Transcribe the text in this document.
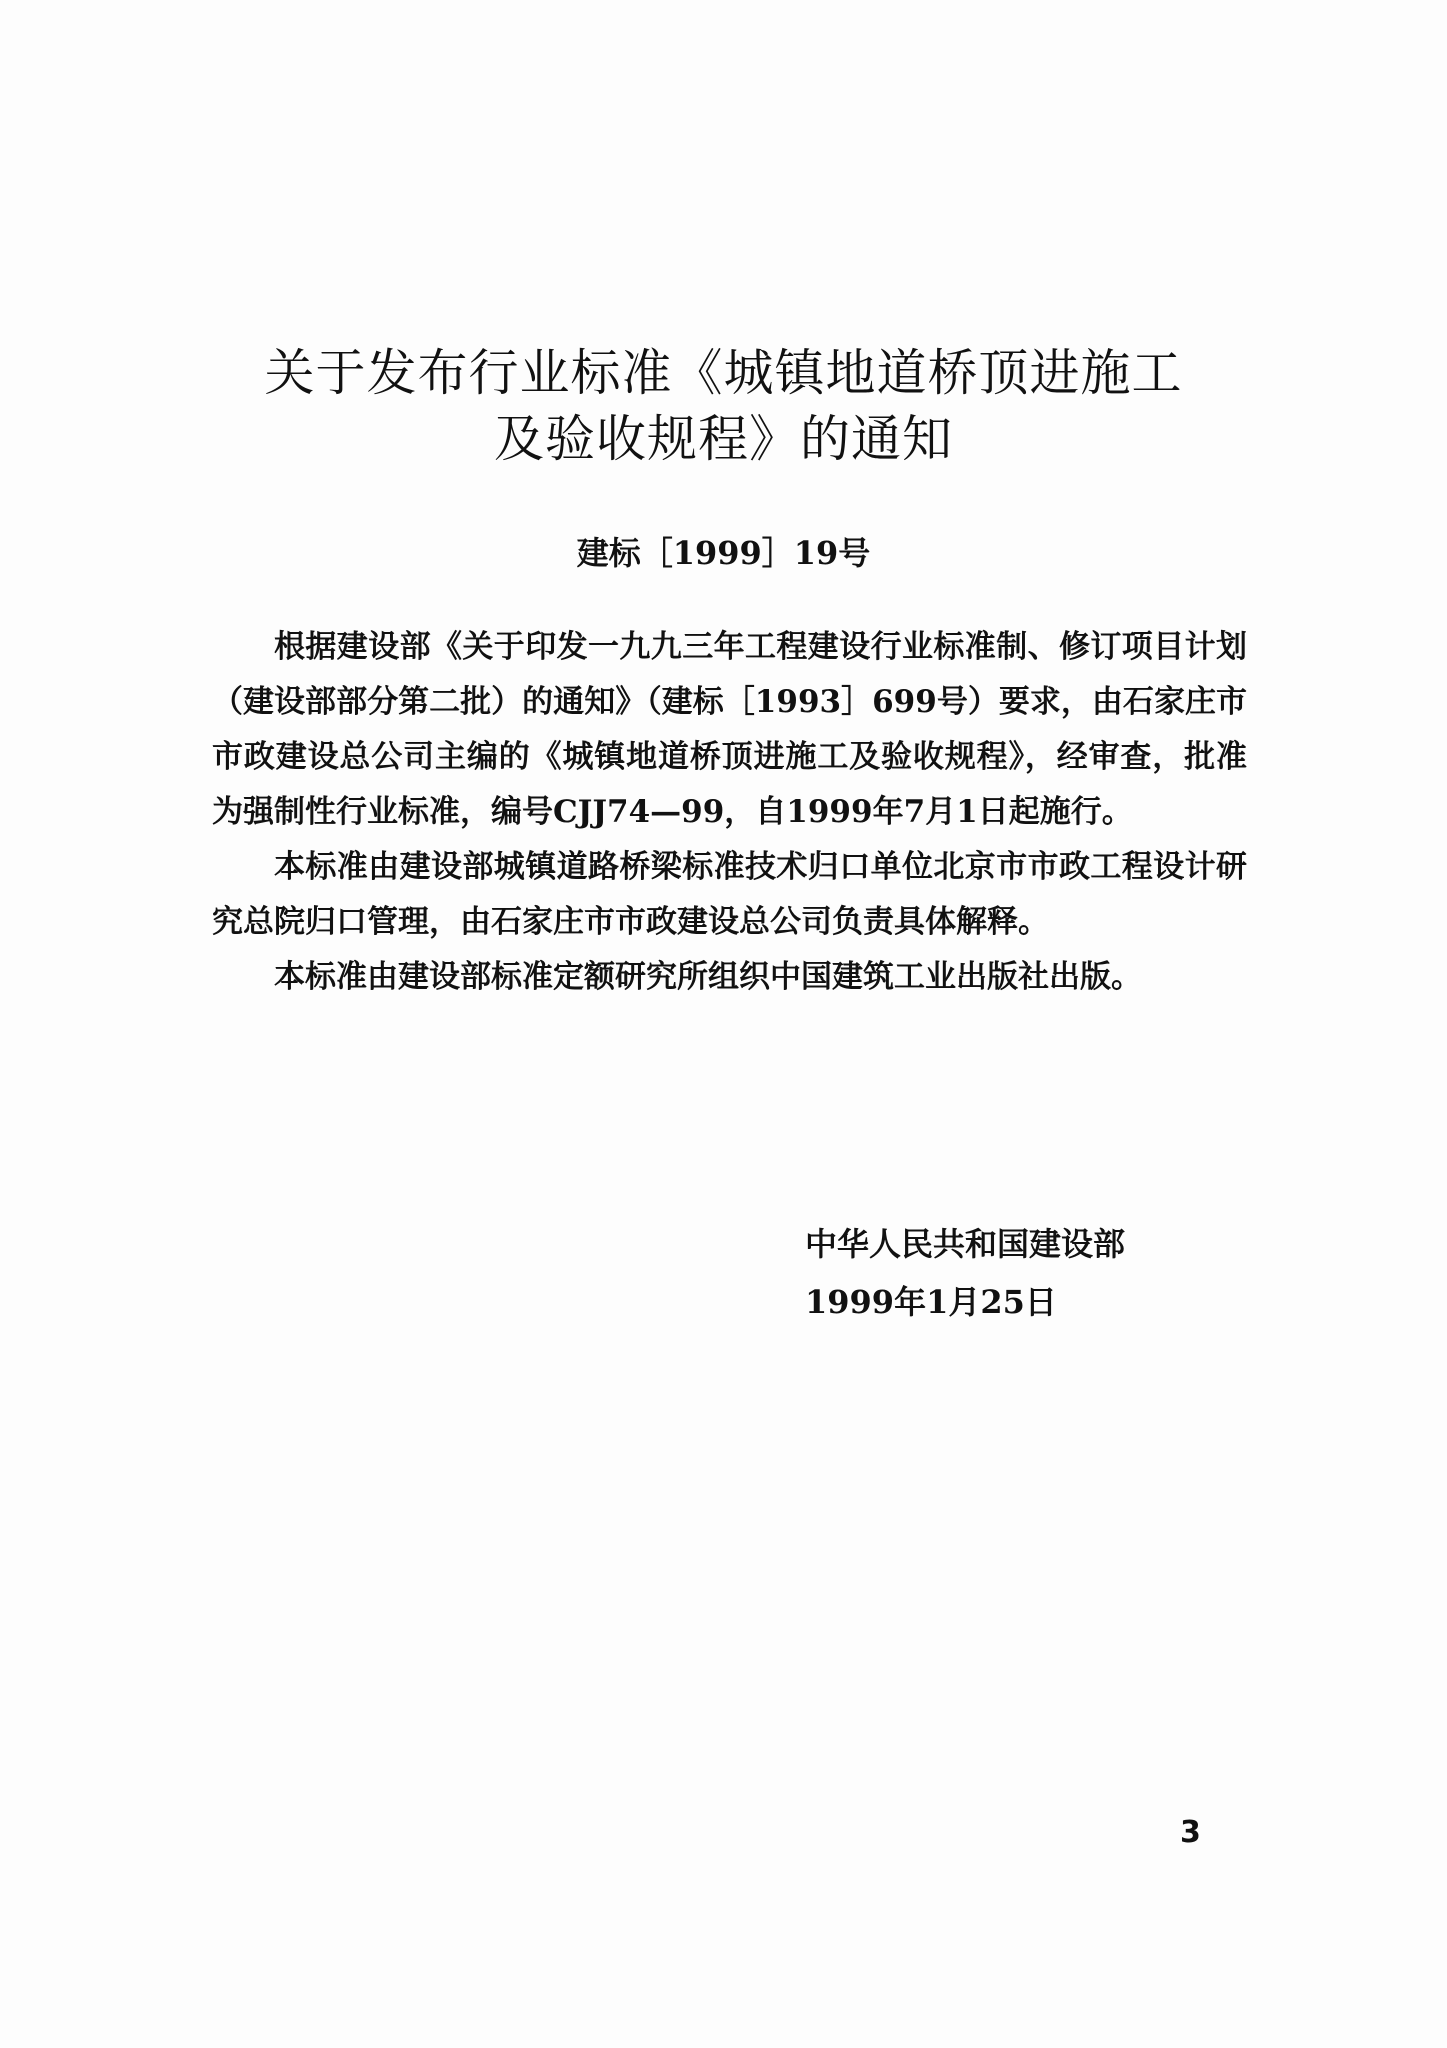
关于发布行业标准《城镇地道桥顶进施工
及验收规程》的通知
建标［1999］19号

根据建设部《关于印发一九九三年工程建设行业标准制、修订项目计划（建设部部分第二批）的通知》（建标［1993］699号）要求，由石家庄市市政建设总公司主编的《城镇地道桥顶进施工及验收规程》，经审查，批准为强制性行业标准，编号CJJ74—99，自1999年7月1日起施行。

本标准由建设部城镇道路桥梁标准技术归口单位北京市市政工程设计研究总院归口管理，由石家庄市市政建设总公司负责具体解释。

本标准由建设部标准定额研究所组织中国建筑工业出版社出版。

中华人民共和国建设部
1999年1月25日
3
